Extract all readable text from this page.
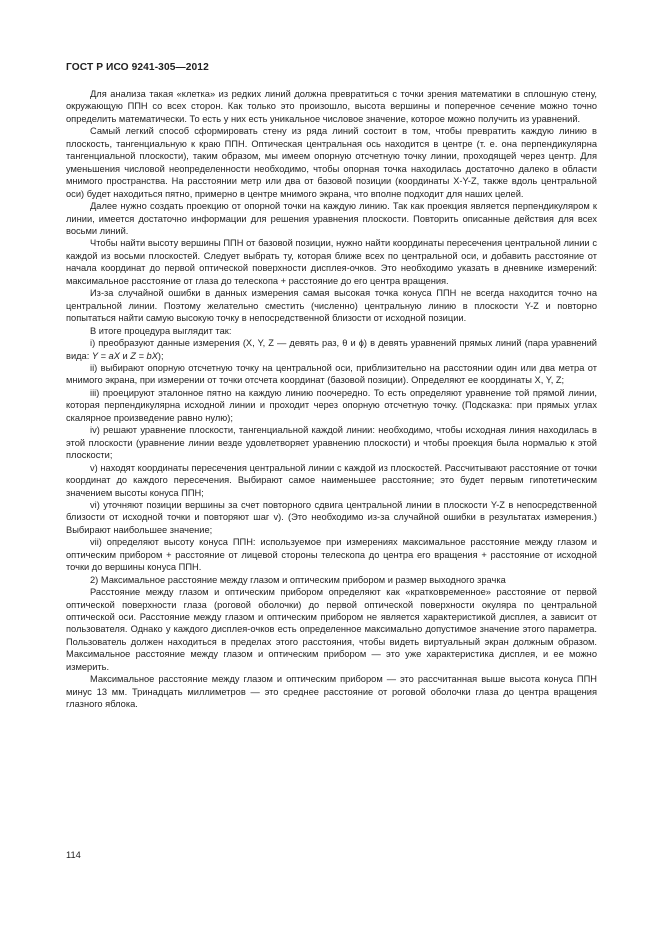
ГОСТ Р ИСО 9241-305—2012

Для анализа такая «клетка» из редких линий должна превратиться с точки зрения математики в сплошную стену, окружающую ППН со всех сторон. Как только это произошло, высота вершины и поперечное сечение можно точно определить математически. То есть у них есть уникальное числовое значение, которое можно получить из уравнений.

Самый легкий способ сформировать стену из ряда линий состоит в том, чтобы превратить каждую линию в плоскость, тангенциальную к краю ППН. Оптическая центральная ось находится в центре (т. е. она перпендикулярна тангенциальной плоскости), таким образом, мы имеем опорную отсчетную точку линии, проходящей через центр. Для уменьшения числовой неопределенности необходимо, чтобы опорная точка находилась достаточно далеко в области мнимого пространства. На расстоянии метр или два от базовой позиции (координаты X-Y-Z, также вдоль центральной оси) будет находиться пятно, примерно в центре мнимого экрана, что вполне подходит для наших целей.

Далее нужно создать проекцию от опорной точки на каждую линию. Так как проекция является перпендикуляром к линии, имеется достаточно информации для решения уравнения плоскости. Повторить описанные действия для всех восьми линий.

Чтобы найти высоту вершины ППН от базовой позиции, нужно найти координаты пересечения центральной линии с каждой из восьми плоскостей. Следует выбрать ту, которая ближе всех по центральной оси, и добавить расстояние от начала координат до первой оптической поверхности дисплея-очков. Это необходимо указать в дневнике измерений: максимальное расстояние от глаза до телескопа + расстояние до его центра вращения.

Из-за случайной ошибки в данных измерения самая высокая точка конуса ППН не всегда находится точно на центральной линии. Поэтому желательно сместить (численно) центральную линию в плоскости Y-Z и повторно попытаться найти самую высокую точку в непосредственной близости от исходной позиции.

В итоге процедура выглядит так:

i) преобразуют данные измерения (X, Y, Z — девять раз, θ и ϕ) в девять уравнений прямых линий (пара уравнений вида: Y = aX и Z = bX);

ii) выбирают опорную отсчетную точку на центральной оси, приблизительно на расстоянии один или два метра от мнимого экрана, при измерении от точки отсчета координат (базовой позиции). Определяют ее координаты X, Y, Z;

iii) проецируют эталонное пятно на каждую линию поочередно. То есть определяют уравнение той прямой линии, которая перпендикулярна исходной линии и проходит через опорную отсчетную точку. (Подсказка: при прямых углах скалярное произведение равно нулю);

iv) решают уравнение плоскости, тангенциальной каждой линии: необходимо, чтобы исходная линия находилась в этой плоскости (уравнение линии везде удовлетворяет уравнению плоскости) и чтобы проекция была нормалью к этой плоскости;

v) находят координаты пересечения центральной линии с каждой из плоскостей. Рассчитывают расстояние от точки координат до каждого пересечения. Выбирают самое наименьшее расстояние; это будет первым гипотетическим значением высоты конуса ППН;

vi) уточняют позиции вершины за счет повторного сдвига центральной линии в плоскости Y-Z в непосредственной близости от исходной точки и повторяют шаг v). (Это необходимо из-за случайной ошибки в результатах измерения.) Выбирают наибольшее значение;

vii) определяют высоту конуса ППН: используемое при измерениях максимальное расстояние между глазом и оптическим прибором + расстояние от лицевой стороны телескопа до центра его вращения + расстояние от исходной точки до вершины конуса ППН.

2) Максимальное расстояние между глазом и оптическим прибором и размер выходного зрачка

Расстояние между глазом и оптическим прибором определяют как «кратковременное» расстояние от первой оптической поверхности глаза (роговой оболочки) до первой оптической поверхности окуляра по центральной оптической оси. Расстояние между глазом и оптическим прибором не является характеристикой дисплея, а зависит от пользователя. Однако у каждого дисплея-очков есть определенное максимально допустимое значение этого параметра. Пользователь должен находиться в пределах этого расстояния, чтобы видеть виртуальный экран должным образом. Максимальное расстояние между глазом и оптическим прибором — это уже характеристика дисплея, и ее можно измерить.

Максимальное расстояние между глазом и оптическим прибором — это рассчитанная выше высота конуса ППН минус 13 мм. Тринадцать миллиметров — это среднее расстояние от роговой оболочки глаза до центра вращения глазного яблока.

114
